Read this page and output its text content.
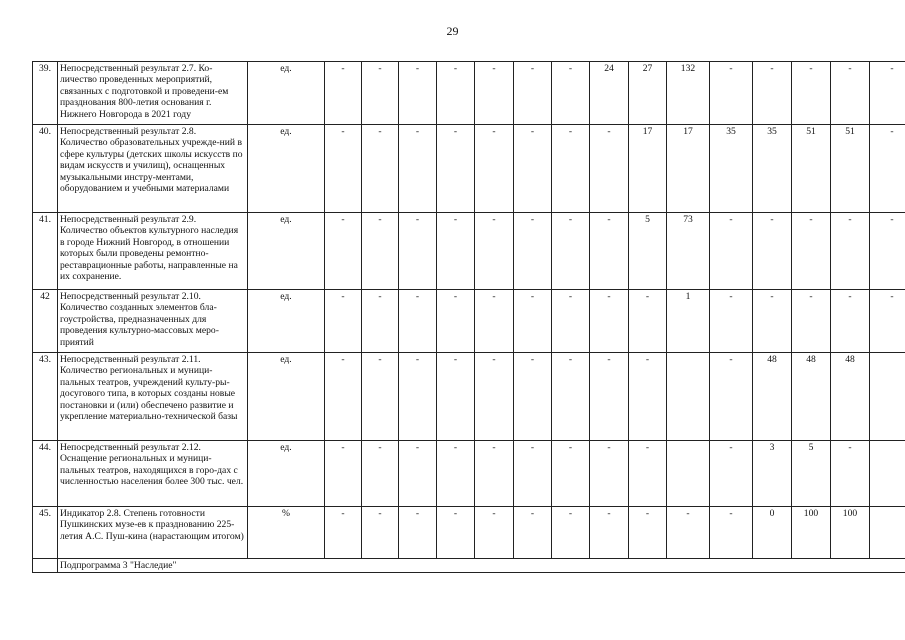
29
39.	Непосредственный результат 2.7. Ко-личество проведенных мероприятий, связанных с подготовкой и проведени-ем празднования 800-летия основания г. Нижнего Новгорода в 2021 году	ед.	-	-	-	-	-	-	-	24	27	132	-	-	-	-	-
40.	Непосредственный результат 2.8. Количество образовательных учрежде-ний в сфере культуры (детских школы искусств по видам искусств и училищ), оснащенных музыкальными инстру-ментами, оборудованием и учебными материалами	ед.	-	-	-	-	-	-	-	-	17	17	35	35	51	51	-
41.	Непосредственный результат 2.9. Количество объектов культурного наследия в городе Нижний Новгород, в отношении которых были проведены ремонтно-реставрационные работы, направленные на их сохранение.	ед.	-	-	-	-	-	-	-	-	5	73	-	-	-	-	-
42	Непосредственный результат 2.10. Количество созданных элементов бла-гоустройства, предназначенных для проведения культурно-массовых меро-приятий	ед.	-	-	-	-	-	-	-	-	-	1	-	-	-	-	-
43.	Непосредственный результат 2.11. Количество региональных и муници-пальных театров, учреждений культу-ры-досугового типа, в которых созданы новые постановки и (или) обеспечено развитие и укрепление материально-технической базы	ед.	-	-	-	-	-	-	-	-	-		-	48	48	48	
44.	Непосредственный результат 2.12. Оснащение региональных и муници-пальных театров, находящихся в горо-дах с численностью населения более 300 тыс. чел.	ед.	-	-	-	-	-	-	-	-	-		-	3	5	-	
45.	Индикатор 2.8. Степень готовности Пушкинских музе-ев к празднованию 225-летия А.С. Пуш-кина (нарастающим итогом)	%	-	-	-	-	-	-	-	-	-	-	-	0	100	100	
	Подпрограмма 3 "Наследие"																
